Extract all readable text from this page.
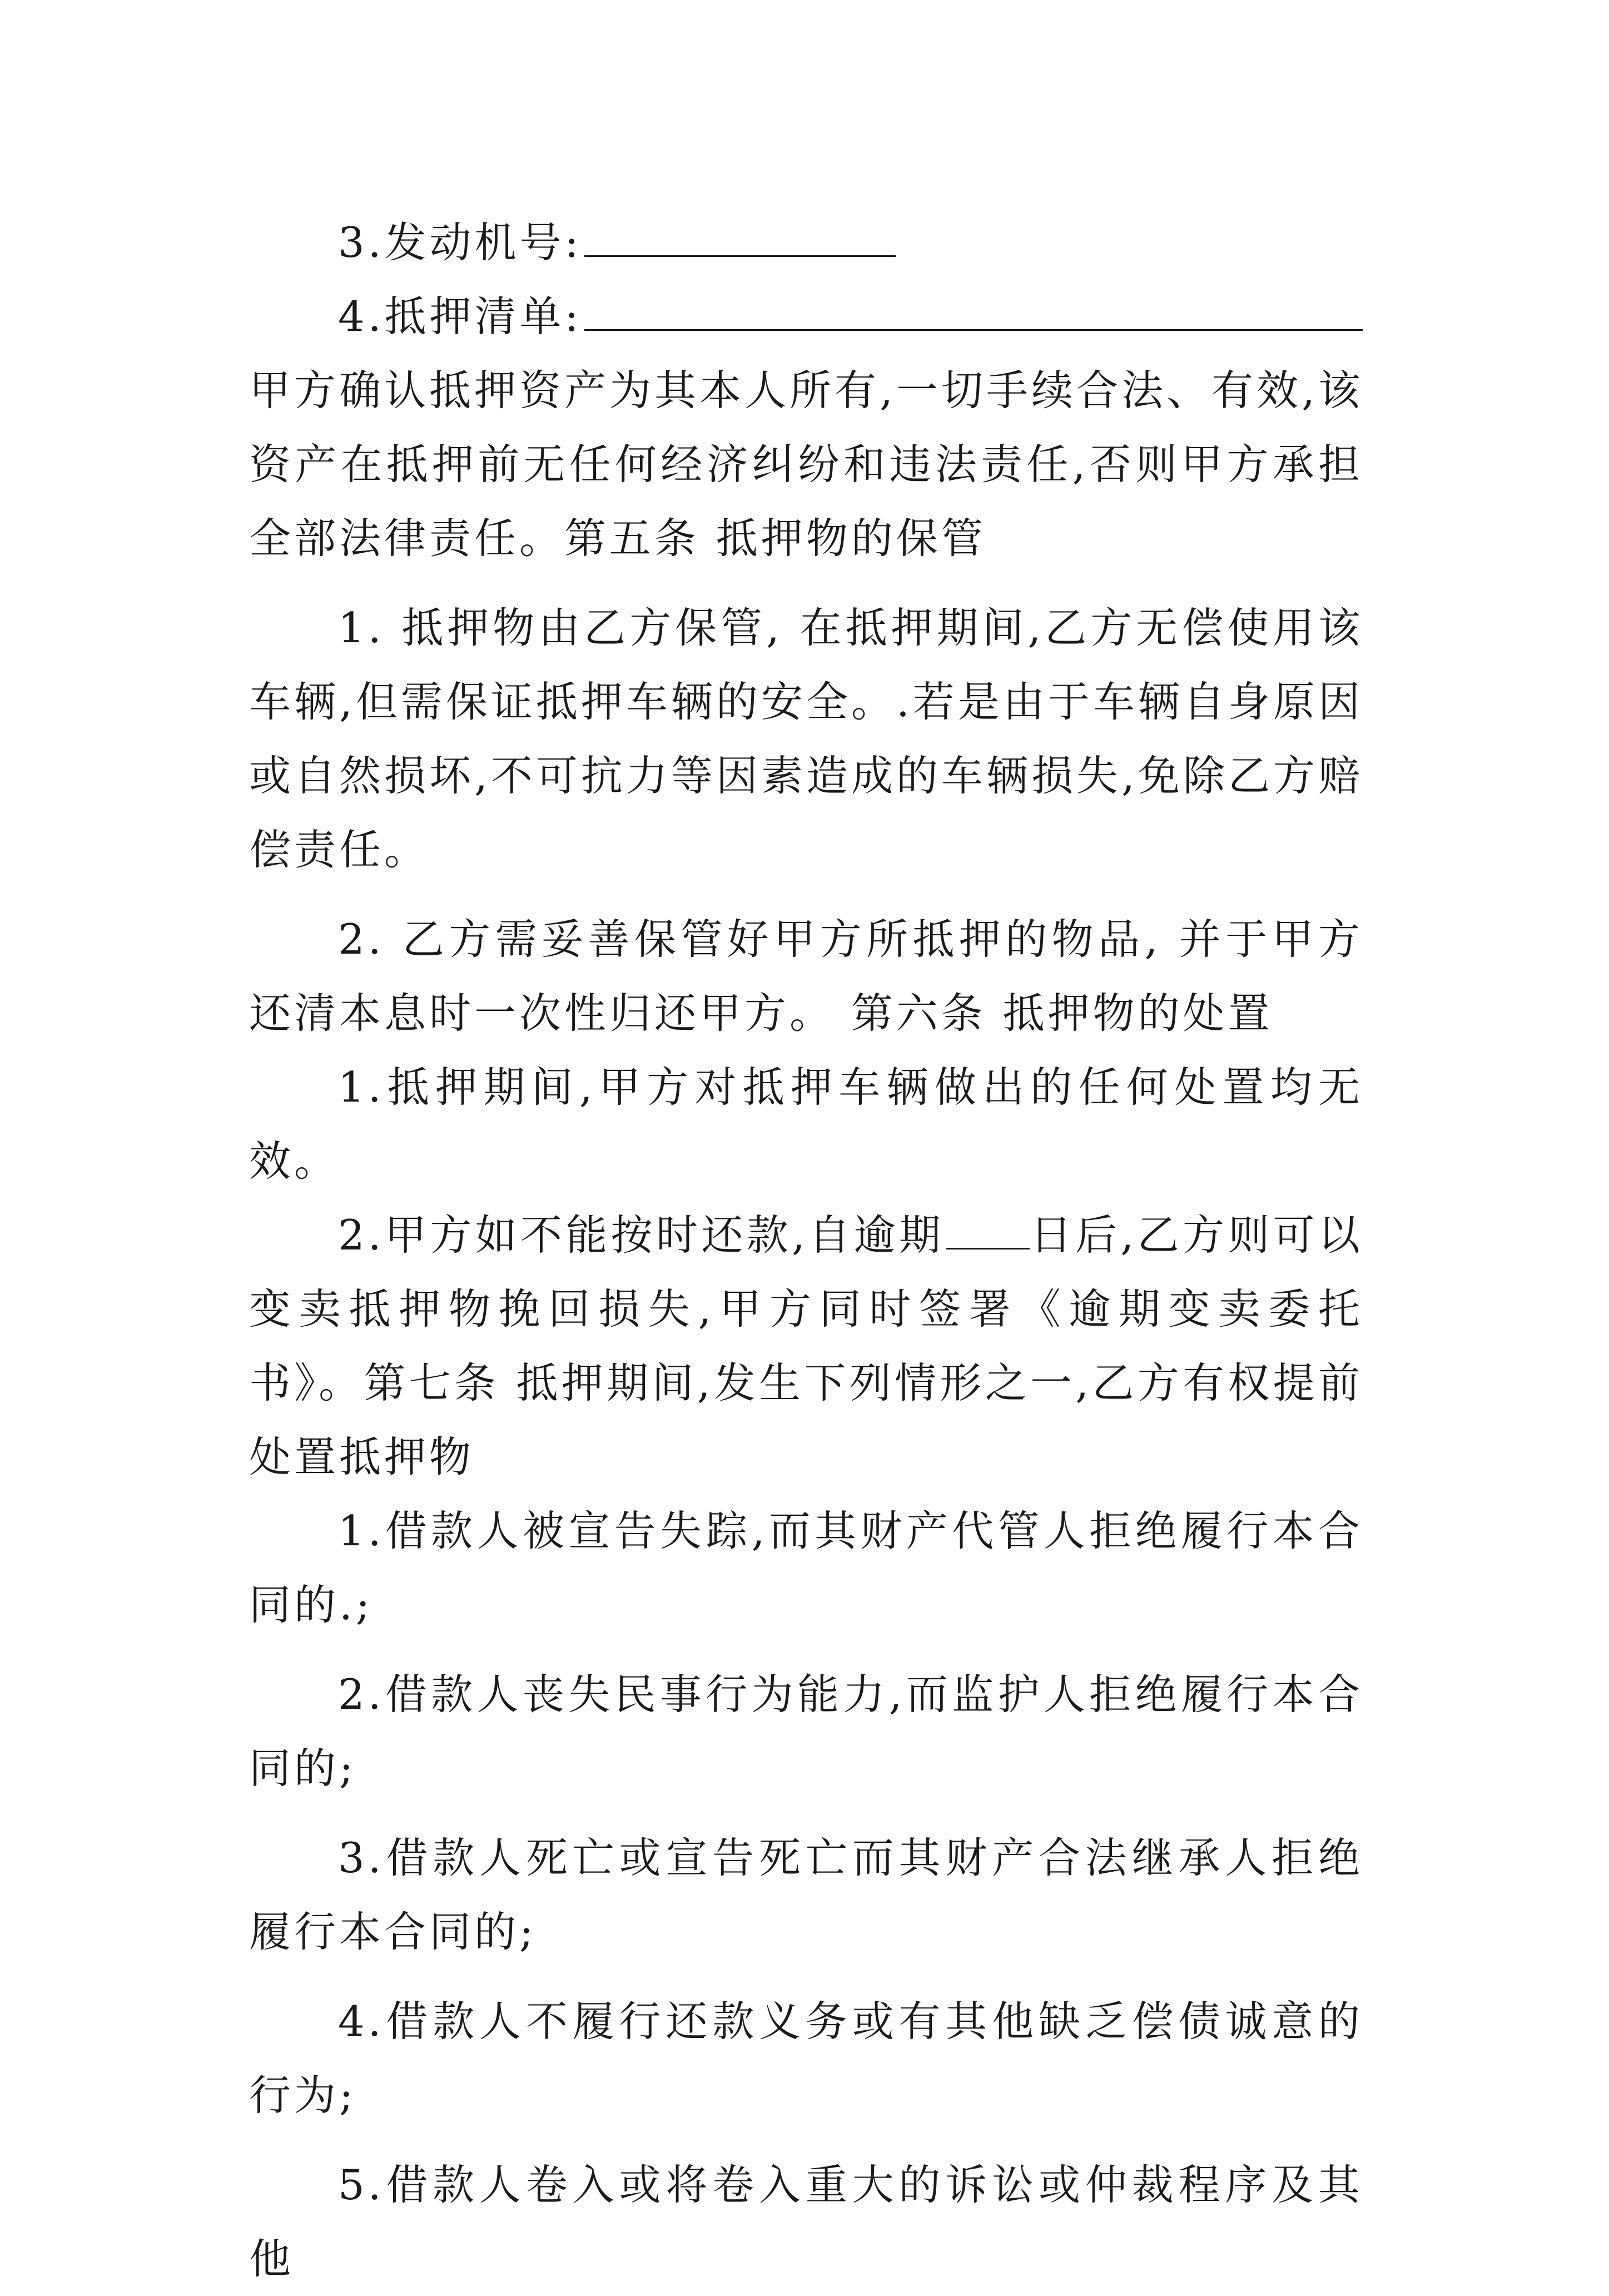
3.发动机号:

4.抵押清单:

甲方确认抵押资产为其本人所有,一切手续合法、有效,该资产在抵押前无任何经济纠纷和违法责任,否则甲方承担全部法律责任。第五条 抵押物的保管

1. 抵押物由乙方保管, 在抵押期间,乙方无偿使用该车辆,但需保证抵押车辆的安全。.若是由于车辆自身原因或自然损坏,不可抗力等因素造成的车辆损失,免除乙方赔偿责任。

2. 乙方需妥善保管好甲方所抵押的物品, 并于甲方还清本息时一次性归还甲方。 第六条 抵押物的处置

1.抵押期间,甲方对抵押车辆做出的任何处置均无效。

2.甲方如不能按时还款,自逾期 日后,乙方则可以变卖抵押物挽回损失,甲方同时签署《逾期变卖委托书》。第七条 抵押期间,发生下列情形之一,乙方有权提前处置抵押物

1.借款人被宣告失踪,而其财产代管人拒绝履行本合同的.;

2.借款人丧失民事行为能力,而监护人拒绝履行本合同的;

3.借款人死亡或宣告死亡而其财产合法继承人拒绝履行本合同的;

4.借款人不履行还款义务或有其他缺乏偿债诚意的行为;

5.借款人卷入或将卷入重大的诉讼或仲裁程序及其他
